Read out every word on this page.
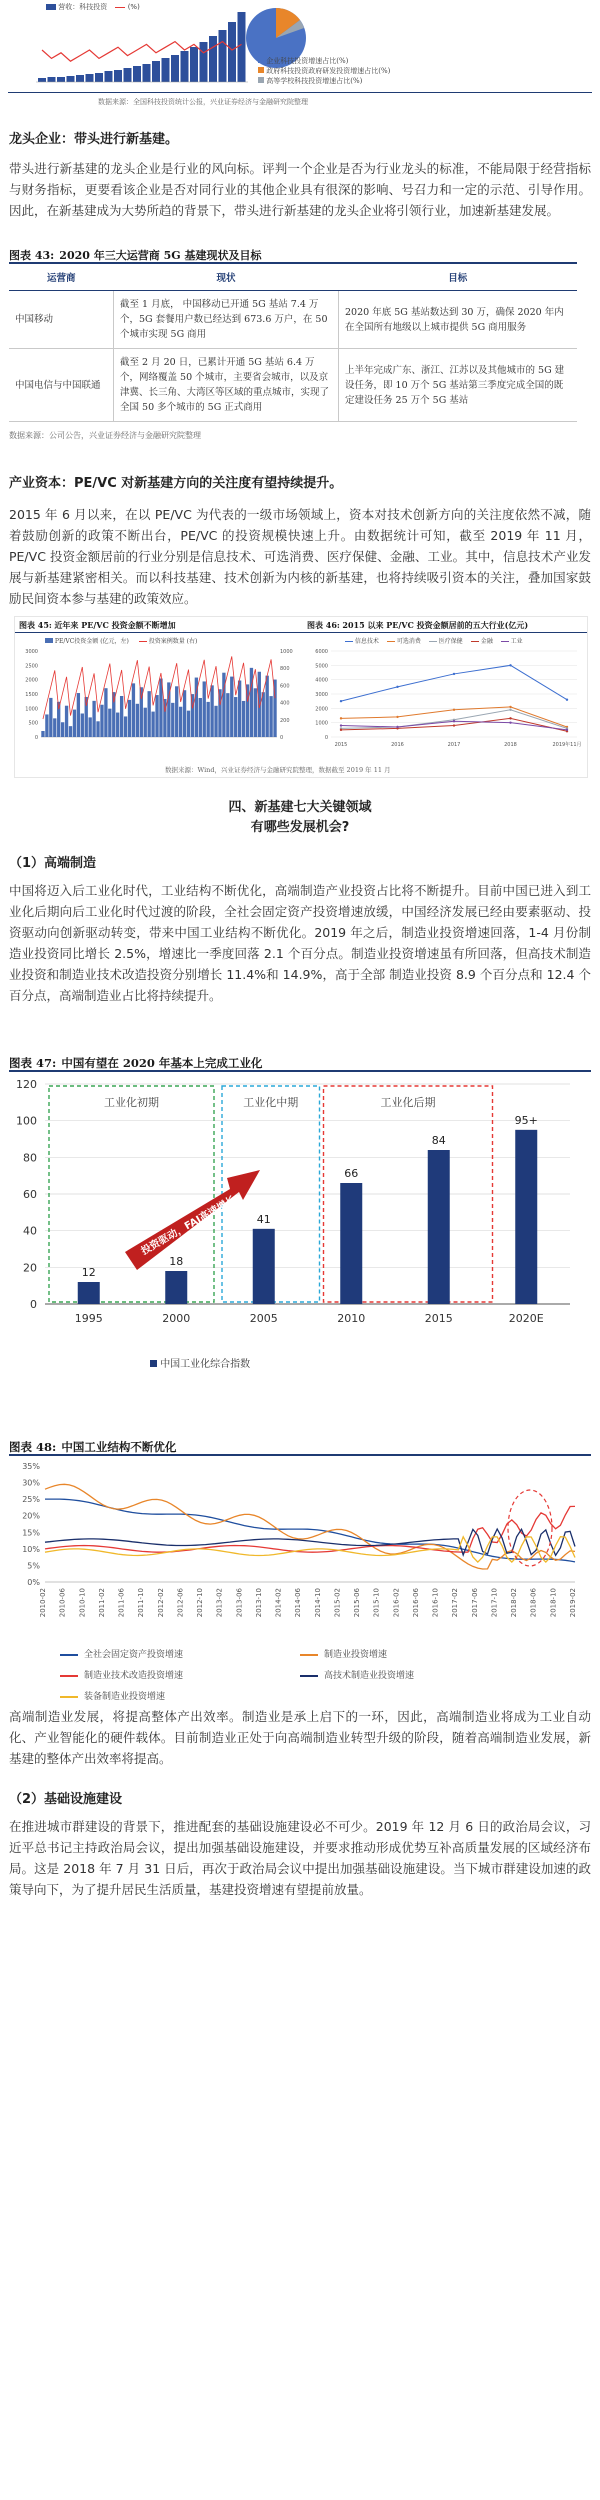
营收：科技投资	(%)
企业科技投资增速占比(%)
政府科技投资政府研发投资增速占比(%)
高等学校科技投资增速占比(%)
数据来源：全国科技投资统计公报，兴业证券经济与金融研究院整理
龙头企业：带头进行新基建。
带头进行新基建的龙头企业是行业的风向标。评判一个企业是否为行业龙头的标准，不能局限于经营指标与财务指标，更要看该企业是否对同行业的其他企业具有很深的影响、号召力和一定的示范、引导作用。因此，在新基建成为大势所趋的背景下，带头进行新基建的龙头企业将引领行业，加速新基建发展。
图表 43: 2020 年三大运营商 5G 基建现状及目标
运营商	现状	目标
中国移动	截至 1 月底， 中国移动已开通 5G 基站 7.4 万个，5G 套餐用户数已经达到 673.6 万户，在 50 个城市实现 5G 商用	2020 年底 5G 基站数达到 30 万，确保 2020 年内在全国所有地级以上城市提供 5G 商用服务
中国电信与中国联通	截至 2 月 20 日，已累计开通 5G 基站 6.4 万个，网络覆盖 50 个城市，主要省会城市，以及京津冀、长三角、大湾区等区域的重点城市，实现了全国 50 多个城市的 5G 正式商用	上半年完成广东、浙江、江苏以及其他城市的 5G 建设任务，即 10 万个 5G 基站第三季度完成全国的既定建设任务 25 万个 5G 基站
数据来源：公司公告，兴业证券经济与金融研究院整理
产业资本：PE/VC 对新基建方向的关注度有望持续提升。
2015 年 6 月以来，在以 PE/VC 为代表的一级市场领域上，资本对技术创新方向的关注度依然不减，随着鼓励创新的政策不断出台，PE/VC 的投资规模快速上升。由数据统计可知，截至 2019 年 11 月，PE/VC 投资金额居前的行业分别是信息技术、可选消费、医疗保健、金融、工业。其中，信息技术产业发展与新基建紧密相关。而以科技基建、技术创新为内核的新基建，也将持续吸引资本的关注，叠加国家鼓励民间资本参与基建的政策效应。
图表 45: 近年来 PE/VC 投资金额不断增加	图表 46: 2015 以来 PE/VC 投资金额居前的五大行业(亿元)
PE/VC投资金额 (亿元，左)	投资案例数量 (右)
3000
2500
2000
1500
1000
500
0
1000
800
600
400
200
0
信息技术	可选消费	医疗保健	金融	工业
6000
5000
4000
3000
2000
1000
0
2015	2016	2017	2018	2019年11月
数据来源：Wind，兴业证券经济与金融研究院整理，数据截至 2019 年 11 月
四、新基建七大关键领域
有哪些发展机会?
（1）高端制造
中国将迈入后工业化时代，工业结构不断优化，高端制造产业投资占比将不断提升。目前中国已进入到工业化后期向后工业化时代过渡的阶段，全社会固定资产投资增速放缓，中国经济发展已经由要素驱动、投资驱动向创新驱动转变，带来中国工业结构不断优化。2019 年之后，制造业投资增速回落，1-4 月份制造业投资同比增长 2.5%，增速比一季度回落 2.1 个百分点。制造业投资增速虽有所回落，但高技术制造业投资和制造业技术改造投资分别增长 11.4%和 14.9%，高于全部 制造业投资 8.9 个百分点和 12.4 个百分点，高端制造业占比将持续提升。
图表 47: 中国有望在 2020 年基本上完成工业化
0
20
40
60
80
100
120
工业化初期	工业化中期	工业化后期
12
1995
18
2000
41
2005
66
2010
84
2015
95+
2020E
投资驱动，FAI高速增长
中国工业化综合指数
图表 48: 中国工业结构不断优化
35%
30%
25%
20%
15%
10%
5%
0%
2010-02 2010-06 2010-10 2011-02 2011-06 2011-10 2012-02 2012-06 2012-10 2013-02 2013-06 2013-10 2014-02 2014-06 2014-10 2015-02 2015-06 2015-10 2016-02 2016-06 2016-10 2017-02 2017-06 2017-10 2018-02 2018-06 2018-10 2019-02
全社会固定资产投资增速	制造业投资增速制造业技术改造投资增速	高技术制造业投资增速装备制造业投资增速
高端制造业发展，将提高整体产出效率。制造业是承上启下的一环，因此，高端制造业将成为工业自动化、产业智能化的硬件载体。目前制造业正处于向高端制造业转型升级的阶段，随着高端制造业发展，新基建的整体产出效率将提高。
（2）基础设施建设
在推进城市群建设的背景下，推进配套的基础设施建设必不可少。2019 年 12 月 6 日的政治局会议，习近平总书记主持政治局会议，提出加强基础设施建设，并要求推动形成优势互补高质量发展的区域经济布局。这是 2018 年 7 月 31 日后，再次于政治局会议中提出加强基础设施建设。当下城市群建设加速的政策导向下，为了提升居民生活质量，基建投资增速有望提前放量。
